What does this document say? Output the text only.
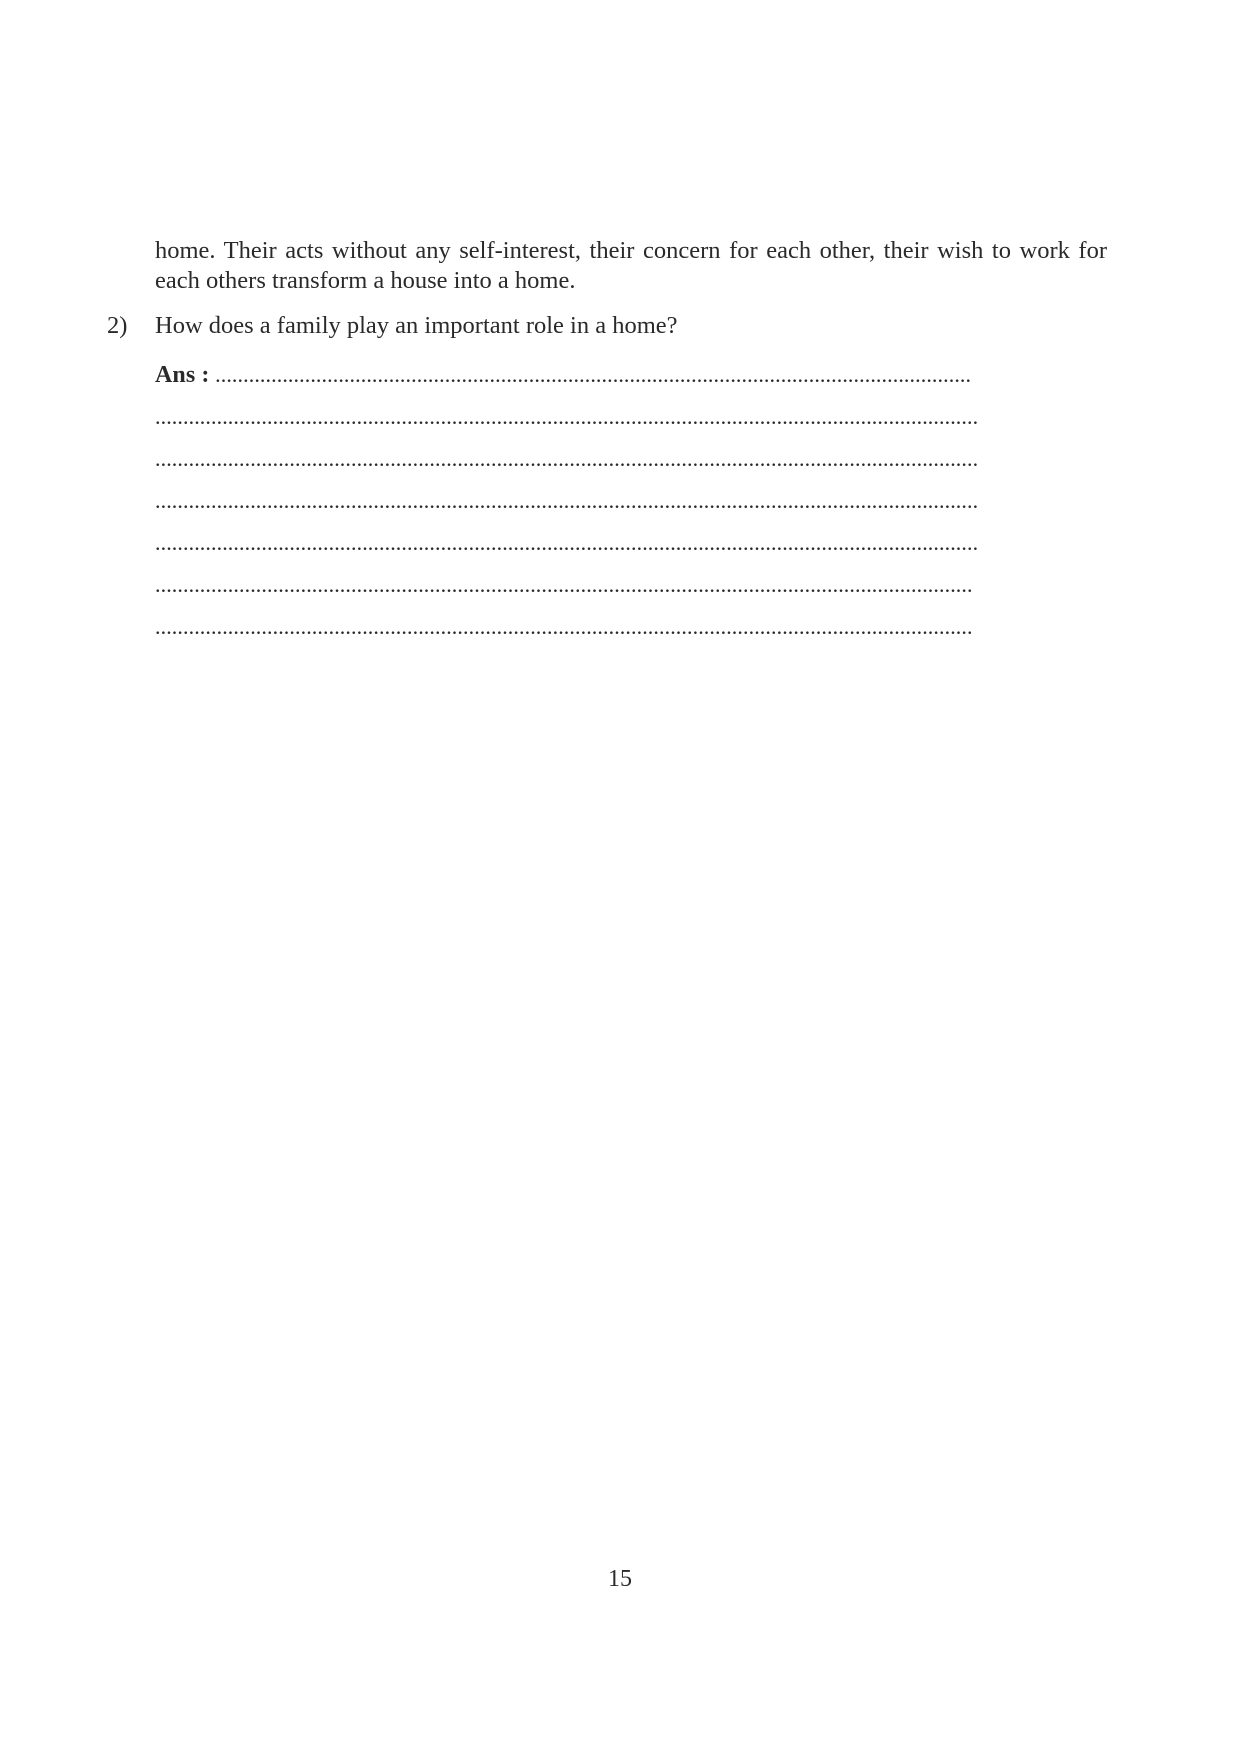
home. Their acts without any self-interest, their concern for each other, their wish to work for
each others transform a house into a home.

2) How does a family play an important role in a home?

Ans : .......................................................................................................................................
...................................................................................................................................................
...................................................................................................................................................
...................................................................................................................................................
...................................................................................................................................................
..................................................................................................................................................
..................................................................................................................................................

15
